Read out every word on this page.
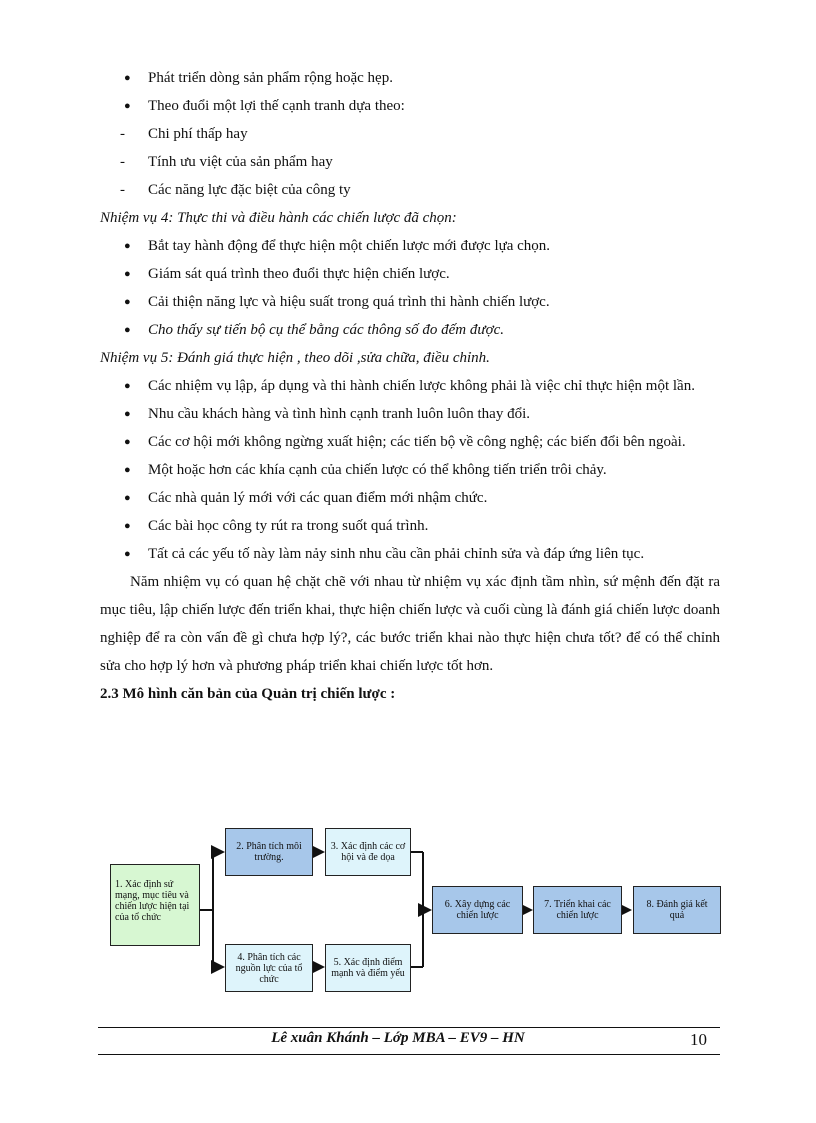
● Phát triển dòng sản phẩm rộng hoặc hẹp.
● Theo đuổi một lợi thế cạnh tranh dựa theo:
- Chi phí thấp hay
- Tính ưu việt của sản phẩm hay
- Các năng lực đặc biệt của công ty
Nhiệm vụ 4: Thực thi và điều hành các chiến lược đã chọn:
● Bắt tay hành động để thực hiện một chiến lược mới được lựa chọn.
● Giám sát quá trình theo đuổi thực hiện chiến lược.
● Cải thiện năng lực và hiệu suất trong quá trình thi hành chiến lược.
● Cho thấy sự tiến bộ cụ thể bằng các thông số đo đếm được.
Nhiệm vụ 5: Đánh giá thực hiện , theo dõi ,sửa chữa, điều chỉnh.
● Các nhiệm vụ lập, áp dụng và thi hành chiến lược không phải là việc chỉ thực hiện một lần.
● Nhu cầu khách hàng và tình hình cạnh tranh luôn luôn thay đổi.
● Các cơ hội mới không ngừng xuất hiện; các tiến bộ về công nghệ; các biến đổi bên ngoài.
● Một hoặc hơn các khía cạnh của chiến lược có thể không tiến triển trôi chảy.
● Các nhà quản lý mới với các quan điểm mới nhậm chức.
● Các bài học công ty rút ra trong suốt quá trình.
● Tất cả các yếu tố này làm nảy sinh nhu cầu cần phải chỉnh sửa và đáp ứng liên tục.
Năm nhiệm vụ có quan hệ chặt chẽ với nhau từ nhiệm vụ xác định tầm nhìn, sứ mệnh đến đặt ra mục tiêu, lập chiến lược đến triển khai, thực hiện chiến lược và cuối cùng là đánh giá chiến lược doanh nghiệp để ra còn vấn đề gì chưa hợp lý?, các bước triển khai nào thực hiện chưa tốt? để có thể chỉnh sửa cho hợp lý hơn và phương pháp triển khai chiến lược tốt hơn.
2.3 Mô hình căn bản của Quản trị chiến lược :
1. Xác định sứ mạng, mục tiêu và chiến lược hiện tại của tổ chức
2. Phân tích môi trường.
3. Xác định các cơ hội và đe dọa
4. Phân tích các nguồn lực của tổ chức
5. Xác định điểm mạnh và điểm yếu
6. Xây dựng các chiến lược
7. Triển khai các chiến lược
8. Đánh giá kết quả
Lê xuân Khánh – Lớp MBA – EV9 – HN	10
